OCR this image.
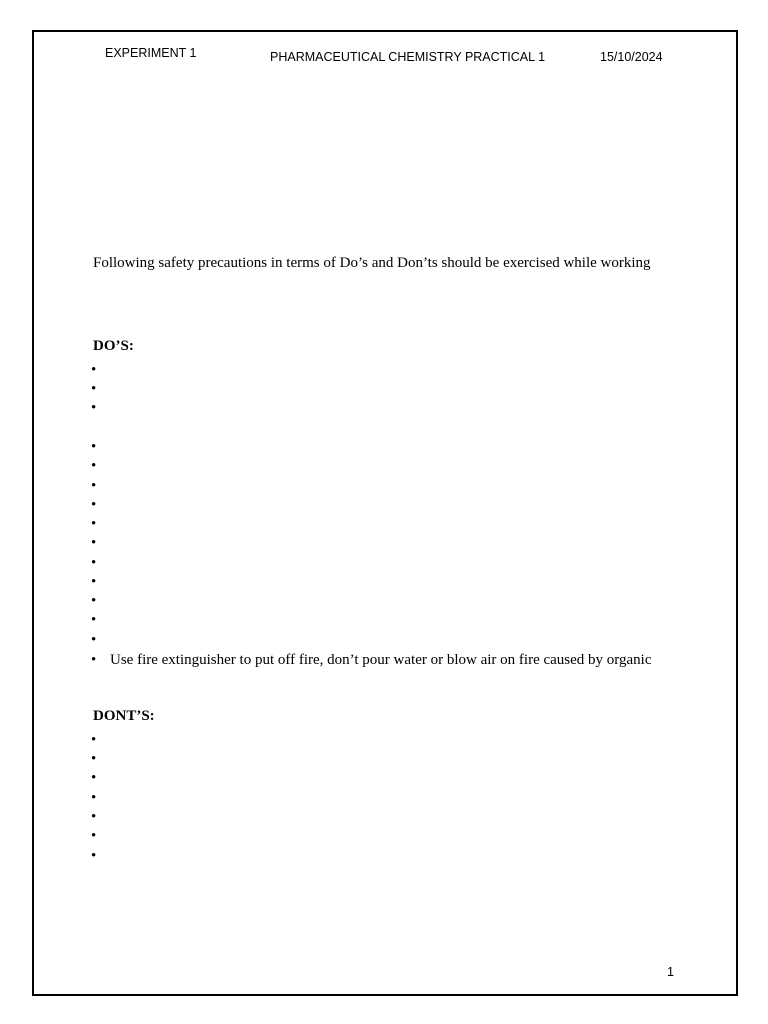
EXPERIMENT 1	PHARMACEUTICAL CHEMISTRY PRACTICAL 1	15/10/2024
Following safety precautions in terms of Do’s and Don’ts should be exercised while working
DO’S:
•
•
•
•
•
•
•
•
•
•
•
•
•
•
• Use fire extinguisher to put off fire, don’t pour water or blow air on fire caused by organic
DONT’S:
•
•
•
•
•
•
•
1
